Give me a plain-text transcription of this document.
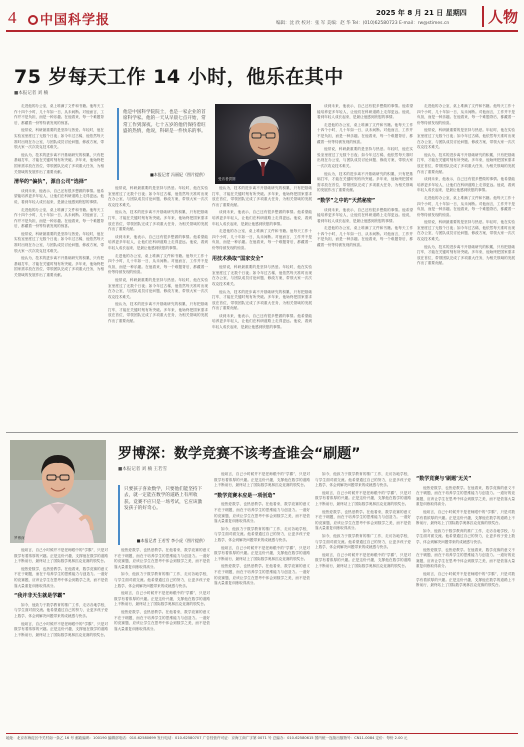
4	中国科学报	2025 年 8 月 21 日 星期四
编辑：沈 欣 校对：张 军 美编：赵 华 Tel：(010)62580723 E-mail：rw@stimes.cn	人物
75 岁每天工作 14 小时，他乐在其中
■本报记者 刘 楠

走进他的办公室，桌上堆满了文件和书籍。他每天工作十四个小时，几十年如一日，从未间断。对他而言，工作并不是负担，而是一种乐趣。在他看来，每一个难题背后，都藏着一份等待被发现的惊喜。

他常说，科研最重要的是坚持与热爱。年轻时，他在实验室里度过了无数个日夜；如今年过古稀，他依然每天准时出现在办公室，与团队成员讨论问题、修改方案，带领大家一次次攻克技术难关。

他认为，技术的进步离不开基础研究的积累，只有把基础打牢，才能在关键时刻有所突破。多年来，他始终把国家需求放在首位，带领团队完成了多项重大任务，为相关领域的发展作出了重要贡献。

清华的“偏执”，源自公司“选择”

谈到未来，他表示，自己还有很多想做的事情。他希望能培养更多年轻人，让他们在科研道路上走得更远。他说，看到年轻人成长起来，是最让他感到欣慰的事情。

走进他的办公室，桌上堆满了文件和书籍。他每天工作十四个小时，几十年如一日，从未间断。对他而言，工作并不是负担，而是一种乐趣。在他看来，每一个难题背后，都藏着一份等待被发现的惊喜。

他常说，科研最重要的是坚持与热爱。年轻时，他在实验室里度过了无数个日夜；如今年过古稀，他依然每天准时出现在办公室，与团队成员讨论问题、修改方案，带领大家一次次攻克技术难关。

他认为，技术的进步离不开基础研究的积累，只有把基础打牢，才能在关键时刻有所突破。多年来，他始终把国家需求放在首位，带领团队完成了多项重大任务，为相关领域的发展作出了重要贡献。

他是中国科学院院士，也是一家企业的首席科学家。他的一天从早晨七点开始，常常工作到深夜。七十五岁的他仍保持着旺盛的热情，他说，科研是一件快乐的事。
■本报记者 冯丽妃（图片提供）
受访者供图

他常说，科研最重要的是坚持与热爱。年轻时，他在实验室里度过了无数个日夜；如今年过古稀，他依然每天准时出现在办公室，与团队成员讨论问题、修改方案，带领大家一次次攻克技术难关。

他认为，技术的进步离不开基础研究的积累，只有把基础打牢，才能在关键时刻有所突破。多年来，他始终把国家需求放在首位，带领团队完成了多项重大任务，为相关领域的发展作出了重要贡献。

谈到未来，他表示，自己还有很多想做的事情。他希望能培养更多年轻人，让他们在科研道路上走得更远。他说，看到年轻人成长起来，是最让他感到欣慰的事情。

走进他的办公室，桌上堆满了文件和书籍。他每天工作十四个小时，几十年如一日，从未间断。对他而言，工作并不是负担，而是一种乐趣。在他看来，每一个难题背后，都藏着一份等待被发现的惊喜。

他常说，科研最重要的是坚持与热爱。年轻时，他在实验室里度过了无数个日夜；如今年过古稀，他依然每天准时出现在办公室，与团队成员讨论问题、修改方案，带领大家一次次攻克技术难关。

他认为，技术的进步离不开基础研究的积累，只有把基础打牢，才能在关键时刻有所突破。多年来，他始终把国家需求放在首位，带领团队完成了多项重大任务，为相关领域的发展作出了重要贡献。

他认为，技术的进步离不开基础研究的积累，只有把基础打牢，才能在关键时刻有所突破。多年来，他始终把国家需求放在首位，带领团队完成了多项重大任务，为相关领域的发展作出了重要贡献。

谈到未来，他表示，自己还有很多想做的事情。他希望能培养更多年轻人，让他们在科研道路上走得更远。他说，看到年轻人成长起来，是最让他感到欣慰的事情。

走进他的办公室，桌上堆满了文件和书籍。他每天工作十四个小时，几十年如一日，从未间断。对他而言，工作并不是负担，而是一种乐趣。在他看来，每一个难题背后，都藏着一份等待被发现的惊喜。

用技术换取“国家安全”

他常说，科研最重要的是坚持与热爱。年轻时，他在实验室里度过了无数个日夜；如今年过古稀，他依然每天准时出现在办公室，与团队成员讨论问题、修改方案，带领大家一次次攻克技术难关。

他认为，技术的进步离不开基础研究的积累，只有把基础打牢，才能在关键时刻有所突破。多年来，他始终把国家需求放在首位，带领团队完成了多项重大任务，为相关领域的发展作出了重要贡献。

谈到未来，他表示，自己还有很多想做的事情。他希望能培养更多年轻人，让他们在科研道路上走得更远。他说，看到年轻人成长起来，是最让他感到欣慰的事情。

谈到未来，他表示，自己还有很多想做的事情。他希望能培养更多年轻人，让他们在科研道路上走得更远。他说，看到年轻人成长起来，是最让他感到欣慰的事情。

走进他的办公室，桌上堆满了文件和书籍。他每天工作十四个小时，几十年如一日，从未间断。对他而言，工作并不是负担，而是一种乐趣。在他看来，每一个难题背后，都藏着一份等待被发现的惊喜。

他常说，科研最重要的是坚持与热爱。年轻时，他在实验室里度过了无数个日夜；如今年过古稀，他依然每天准时出现在办公室，与团队成员讨论问题、修改方案，带领大家一次次攻克技术难关。

他认为，技术的进步离不开基础研究的积累，只有把基础打牢，才能在关键时刻有所突破。多年来，他始终把国家需求放在首位，带领团队完成了多项重大任务，为相关领域的发展作出了重要贡献。

“数学”之中的“天然秘密”

谈到未来，他表示，自己还有很多想做的事情。他希望能培养更多年轻人，让他们在科研道路上走得更远。他说，看到年轻人成长起来，是最让他感到欣慰的事情。

走进他的办公室，桌上堆满了文件和书籍。他每天工作十四个小时，几十年如一日，从未间断。对他而言，工作并不是负担，而是一种乐趣。在他看来，每一个难题背后，都藏着一份等待被发现的惊喜。

走进他的办公室，桌上堆满了文件和书籍。他每天工作十四个小时，几十年如一日，从未间断。对他而言，工作并不是负担，而是一种乐趣。在他看来，每一个难题背后，都藏着一份等待被发现的惊喜。

他常说，科研最重要的是坚持与热爱。年轻时，他在实验室里度过了无数个日夜；如今年过古稀，他依然每天准时出现在办公室，与团队成员讨论问题、修改方案，带领大家一次次攻克技术难关。

他认为，技术的进步离不开基础研究的积累，只有把基础打牢，才能在关键时刻有所突破。多年来，他始终把国家需求放在首位，带领团队完成了多项重大任务，为相关领域的发展作出了重要贡献。

谈到未来，他表示，自己还有很多想做的事情。他希望能培养更多年轻人，让他们在科研道路上走得更远。他说，看到年轻人成长起来，是最让他感到欣慰的事情。

走进他的办公室，桌上堆满了文件和书籍。他每天工作十四个小时，几十年如一日，从未间断。对他而言，工作并不是负担，而是一种乐趣。在他看来，每一个难题背后，都藏着一份等待被发现的惊喜。

他常说，科研最重要的是坚持与热爱。年轻时，他在实验室里度过了无数个日夜；如今年过古稀，他依然每天准时出现在办公室，与团队成员讨论问题、修改方案，带领大家一次次攻克技术难关。

他认为，技术的进步离不开基础研究的积累，只有把基础打牢，才能在关键时刻有所突破。多年来，他始终把国家需求放在首位，带领团队完成了多项重大任务，为相关领域的发展作出了重要贡献。

罗博深
罗博深：数学竞赛不该考查谁会“刷题”
■本报记者 刘 楠 王若雪
只要孩子喜欢数学，只要他们能坚持下去，就一定能在数学的道路上有所收获。竞赛不应只是一场考试，它应该激发孩子的好奇心。
■本报记者 王若雪 李小虎（图片提供）

他坦言，自己小时候并不是老师眼中的“学霸”，只是对数学有着浓厚的兴趣。正是这份兴趣，支撑他在数学的道路上不断前行，最终站上了国际数学奥林匹克竞赛的领奖台。

他热爱数学，也热爱教学。在他看来，数学竞赛的意义不在于刷题，而在于培养学生的思维能力与创造力。一道好的竞赛题，应该让学生在思考中体会到数学之美，而不是依靠大量重复训练取得高分。

“我并非天生就是学霸”

如今，他致力于数学教育的推广工作，走访各地学校，与学生面对面交流。他希望通过自己的努力，让更多孩子爱上数学，体会到解决问题带来的成就感与快乐。

他坦言，自己小时候并不是老师眼中的“学霸”，只是对数学有着浓厚的兴趣。正是这份兴趣，支撑他在数学的道路上不断前行，最终站上了国际数学奥林匹克竞赛的领奖台。

他热爱数学，也热爱教学。在他看来，数学竞赛的意义不在于刷题，而在于培养学生的思维能力与创造力。一道好的竞赛题，应该让学生在思考中体会到数学之美，而不是依靠大量重复训练取得高分。

如今，他致力于数学教育的推广工作，走访各地学校，与学生面对面交流。他希望通过自己的努力，让更多孩子爱上数学，体会到解决问题带来的成就感与快乐。

他坦言，自己小时候并不是老师眼中的“学霸”，只是对数学有着浓厚的兴趣。正是这份兴趣，支撑他在数学的道路上不断前行，最终站上了国际数学奥林匹克竞赛的领奖台。

他热爱数学，也热爱教学。在他看来，数学竞赛的意义不在于刷题，而在于培养学生的思维能力与创造力。一道好的竞赛题，应该让学生在思考中体会到数学之美，而不是依靠大量重复训练取得高分。

他坦言，自己小时候并不是老师眼中的“学霸”，只是对数学有着浓厚的兴趣。正是这份兴趣，支撑他在数学的道路上不断前行，最终站上了国际数学奥林匹克竞赛的领奖台。

“数学竞赛本应是一项创造”

他热爱数学，也热爱教学。在他看来，数学竞赛的意义不在于刷题，而在于培养学生的思维能力与创造力。一道好的竞赛题，应该让学生在思考中体会到数学之美，而不是依靠大量重复训练取得高分。

如今，他致力于数学教育的推广工作，走访各地学校，与学生面对面交流。他希望通过自己的努力，让更多孩子爱上数学，体会到解决问题带来的成就感与快乐。

他坦言，自己小时候并不是老师眼中的“学霸”，只是对数学有着浓厚的兴趣。正是这份兴趣，支撑他在数学的道路上不断前行，最终站上了国际数学奥林匹克竞赛的领奖台。

他热爱数学，也热爱教学。在他看来，数学竞赛的意义不在于刷题，而在于培养学生的思维能力与创造力。一道好的竞赛题，应该让学生在思考中体会到数学之美，而不是依靠大量重复训练取得高分。

如今，他致力于数学教育的推广工作，走访各地学校，与学生面对面交流。他希望通过自己的努力，让更多孩子爱上数学，体会到解决问题带来的成就感与快乐。

他坦言，自己小时候并不是老师眼中的“学霸”，只是对数学有着浓厚的兴趣。正是这份兴趣，支撑他在数学的道路上不断前行，最终站上了国际数学奥林匹克竞赛的领奖台。

他热爱数学，也热爱教学。在他看来，数学竞赛的意义不在于刷题，而在于培养学生的思维能力与创造力。一道好的竞赛题，应该让学生在思考中体会到数学之美，而不是依靠大量重复训练取得高分。

如今，他致力于数学教育的推广工作，走访各地学校，与学生面对面交流。他希望通过自己的努力，让更多孩子爱上数学，体会到解决问题带来的成就感与快乐。

他坦言，自己小时候并不是老师眼中的“学霸”，只是对数学有着浓厚的兴趣。正是这份兴趣，支撑他在数学的道路上不断前行，最终站上了国际数学奥林匹克竞赛的领奖台。

“数学竞赛与‘刷题’无关”

他热爱数学，也热爱教学。在他看来，数学竞赛的意义不在于刷题，而在于培养学生的思维能力与创造力。一道好的竞赛题，应该让学生在思考中体会到数学之美，而不是依靠大量重复训练取得高分。

他坦言，自己小时候并不是老师眼中的“学霸”，只是对数学有着浓厚的兴趣。正是这份兴趣，支撑他在数学的道路上不断前行，最终站上了国际数学奥林匹克竞赛的领奖台。

如今，他致力于数学教育的推广工作，走访各地学校，与学生面对面交流。他希望通过自己的努力，让更多孩子爱上数学，体会到解决问题带来的成就感与快乐。

他热爱数学，也热爱教学。在他看来，数学竞赛的意义不在于刷题，而在于培养学生的思维能力与创造力。一道好的竞赛题，应该让学生在思考中体会到数学之美，而不是依靠大量重复训练取得高分。

他坦言，自己小时候并不是老师眼中的“学霸”，只是对数学有着浓厚的兴趣。正是这份兴趣，支撑他在数学的道路上不断前行，最终站上了国际数学奥林匹克竞赛的领奖台。

地址：北京市海淀区中关村南一条乙 16 号 邮政编码：100190 编辑部电话：010-62580699 发行电话：010-62580707 广告经营许可证：京海工商广字第 0071 号 总编办：010-62580615 国内统一连续出版物号：CN11-0084 定价：每份 2.00 元
